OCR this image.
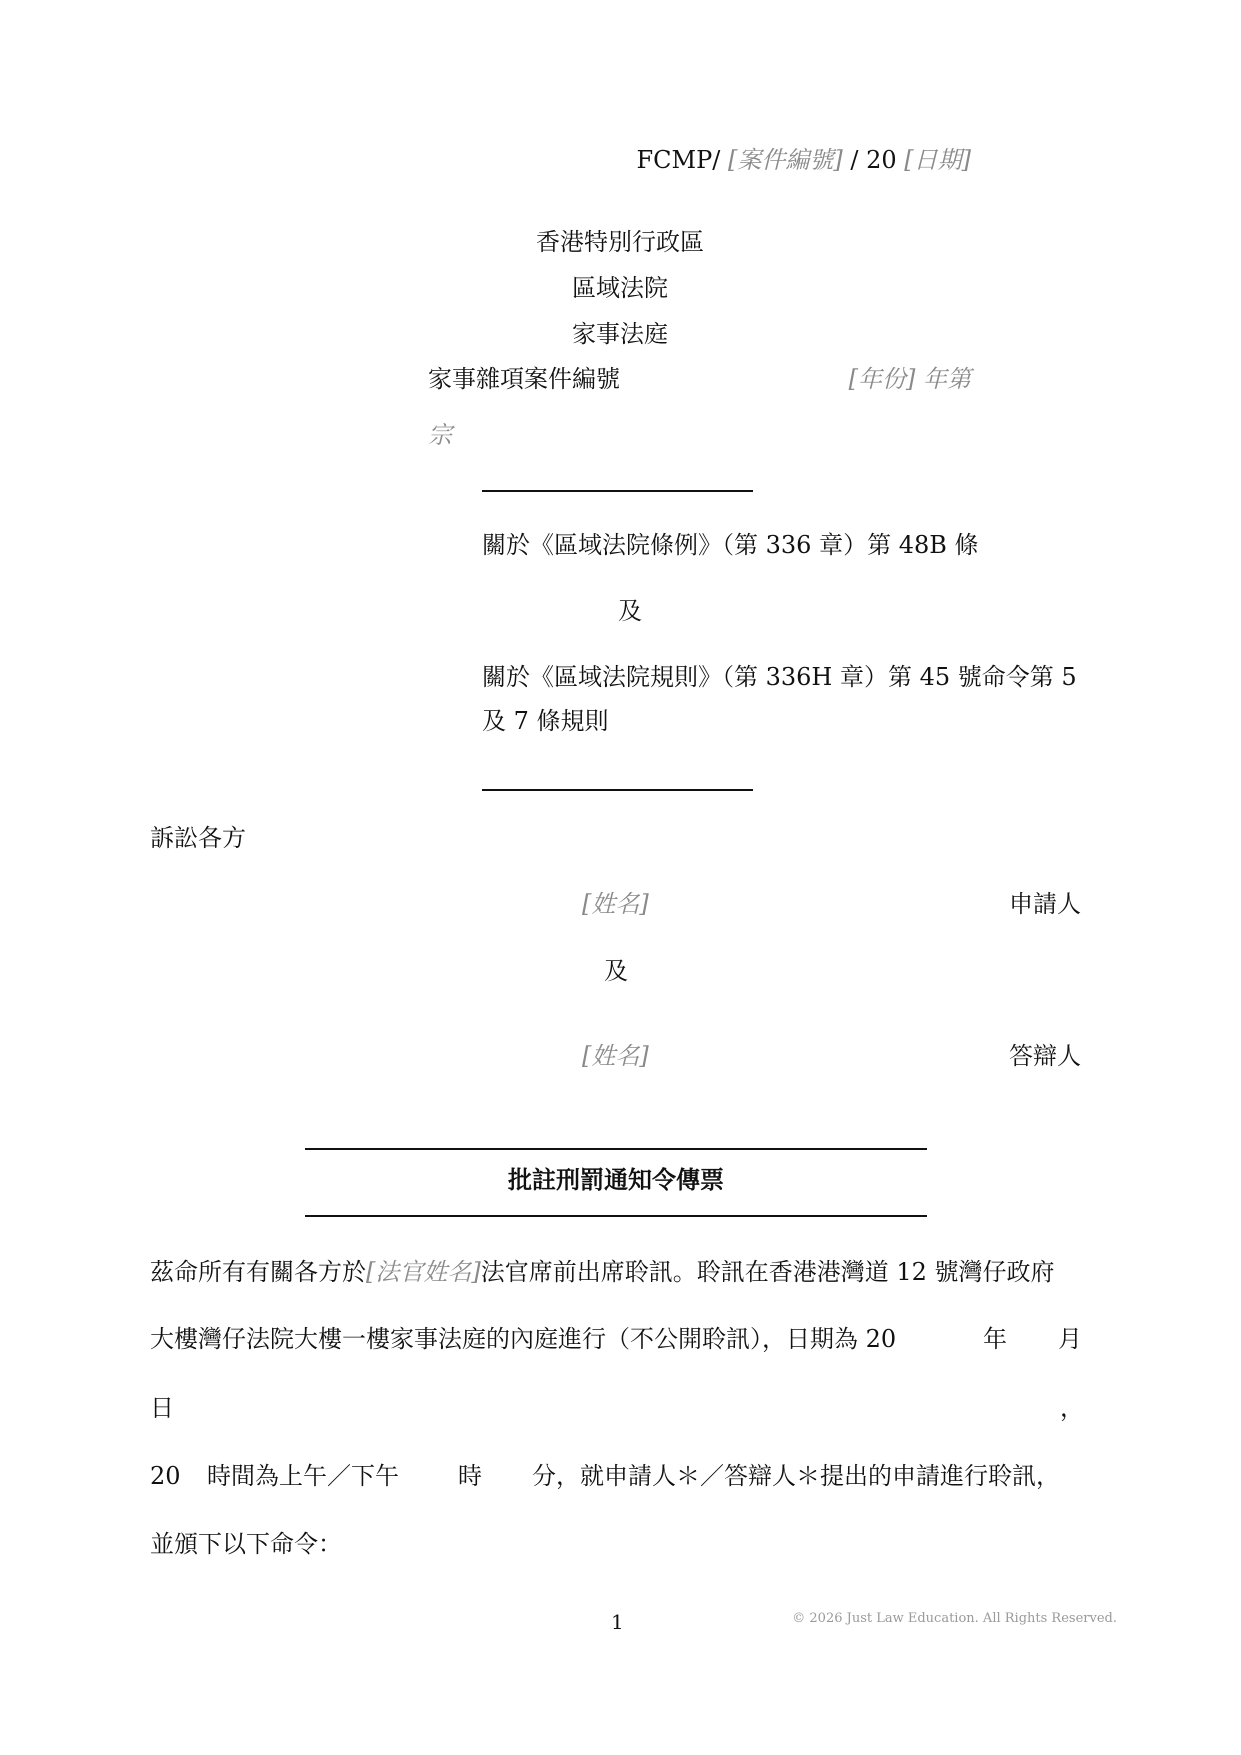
FCMP/ [案件編號] / 20 [日期]
香港特別行政區
區域法院
家事法庭
家事雜項案件編號	[年份] 年第
宗
關於《區域法院條例》（第 336 章）第 48B 條
及
關於《區域法院規則》（第 336H 章）第 45 號命令第 5
及 7 條規則
訴訟各方
[姓名]	申請人
及
[姓名]	答辯人
批註刑罰通知令傳票
茲命所有有關各方於[法官姓名]法官席前出席聆訊。聆訊在香港港灣道 12 號灣仔政府
大樓灣仔法院大樓一樓家事法庭的內庭進行（不公開聆訊），日期為 20	年 月
日	，
20 時間為上午／下午 時 分，就申請人＊／答辯人＊提出的申請進行聆訊，
並頒下以下命令：
1	© 2026 Just Law Education. All Rights Reserved.
